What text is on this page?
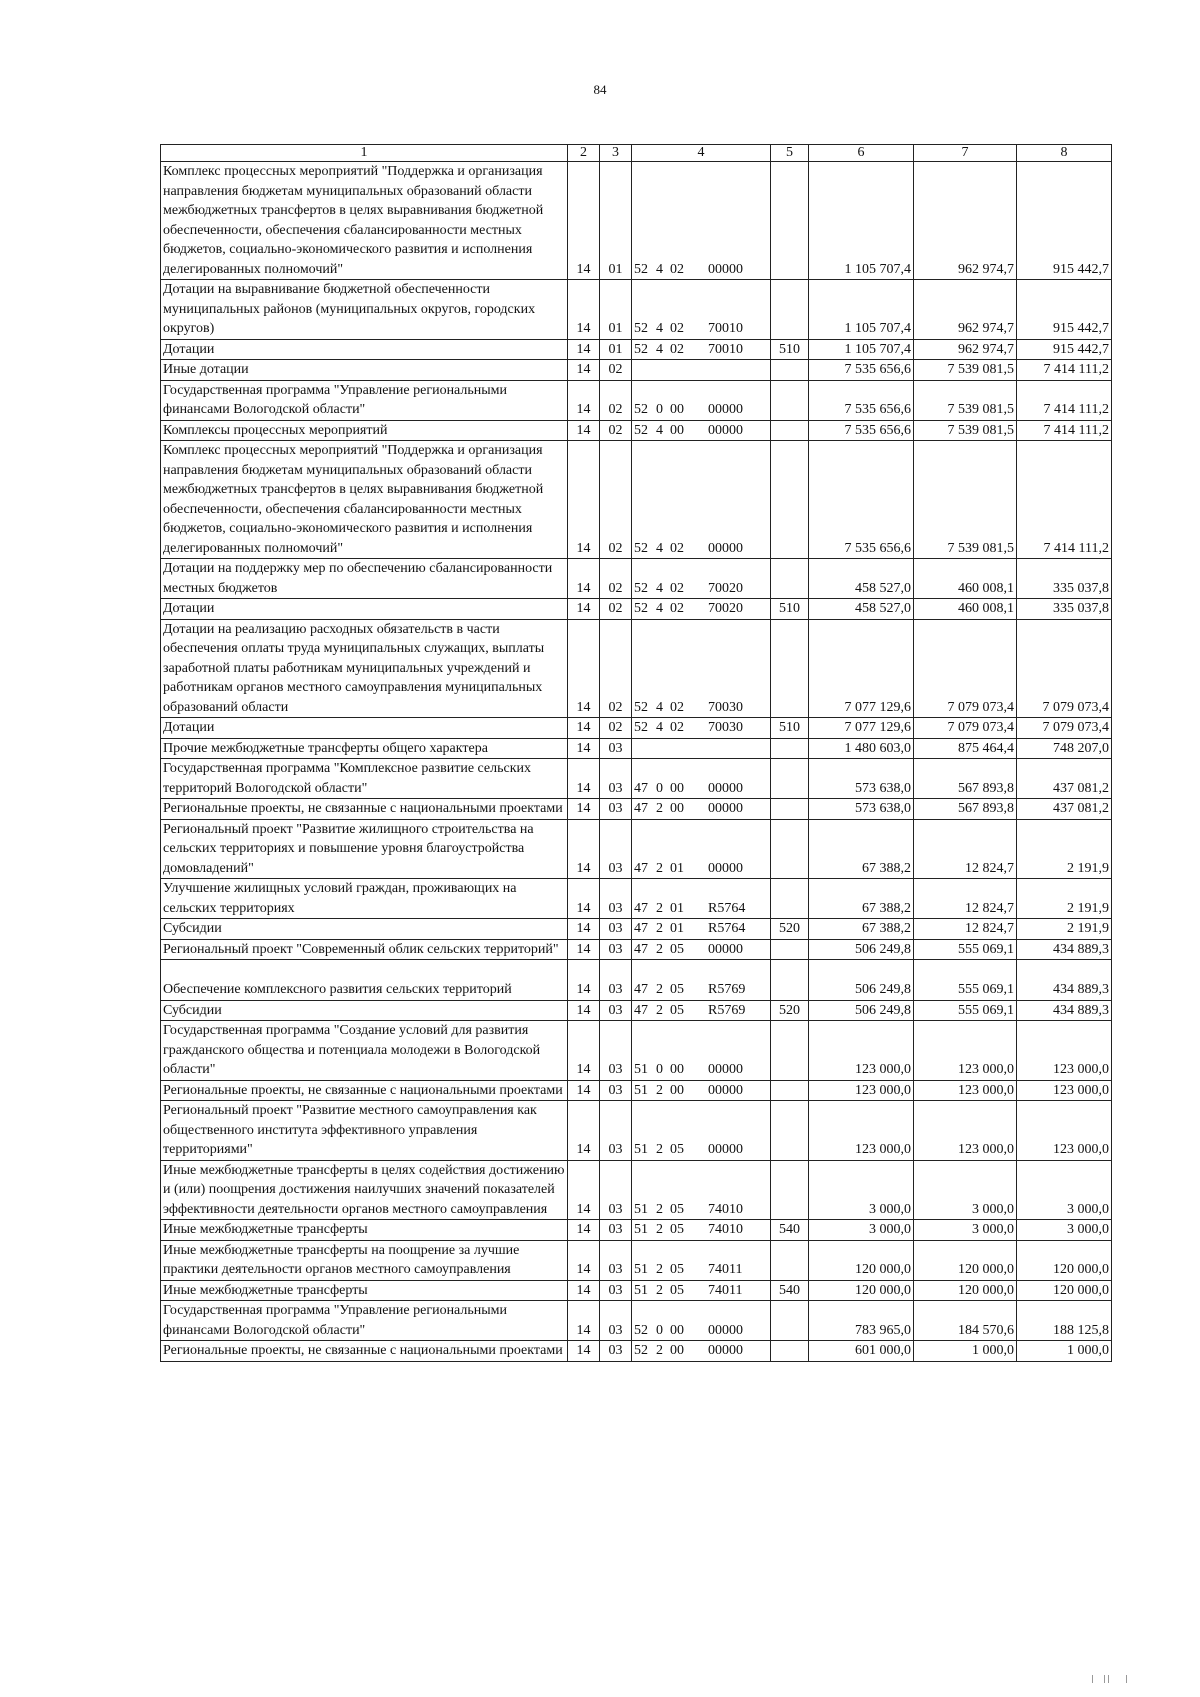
84
1	2	3	4	5	6	7	8
Комплекс процессных мероприятий "Поддержка и организация направления бюджетам муниципальных образований области межбюджетных трансфертов в целях выравнивания бюджетной обеспеченности, обеспечения сбалансированности местных бюджетов, социально-экономического развития и исполнения делегированных полномочий"	14	01	52 4 02 00000		1 105 707,4	962 974,7	915 442,7
Дотации на выравнивание бюджетной обеспеченности муниципальных районов (муниципальных округов, городских округов)	14	01	52 4 02 70010		1 105 707,4	962 974,7	915 442,7
Дотации	14	01	52 4 02 70010	510	1 105 707,4	962 974,7	915 442,7
Иные дотации	14	02			7 535 656,6	7 539 081,5	7 414 111,2
Государственная программа "Управление региональными финансами Вологодской области"	14	02	52 0 00 00000		7 535 656,6	7 539 081,5	7 414 111,2
Комплексы процессных мероприятий	14	02	52 4 00 00000		7 535 656,6	7 539 081,5	7 414 111,2
Комплекс процессных мероприятий "Поддержка и организация направления бюджетам муниципальных образований области межбюджетных трансфертов в целях выравнивания бюджетной обеспеченности, обеспечения сбалансированности местных бюджетов, социально-экономического развития и исполнения делегированных полномочий"	14	02	52 4 02 00000		7 535 656,6	7 539 081,5	7 414 111,2
Дотации на поддержку мер по обеспечению сбалансированности местных бюджетов	14	02	52 4 02 70020		458 527,0	460 008,1	335 037,8
Дотации	14	02	52 4 02 70020	510	458 527,0	460 008,1	335 037,8
Дотации на реализацию расходных обязательств в части обеспечения оплаты труда муниципальных служащих, выплаты заработной платы работникам муниципальных учреждений и работникам органов местного самоуправления муниципальных образований области	14	02	52 4 02 70030		7 077 129,6	7 079 073,4	7 079 073,4
Дотации	14	02	52 4 02 70030	510	7 077 129,6	7 079 073,4	7 079 073,4
Прочие межбюджетные трансферты общего характера	14	03			1 480 603,0	875 464,4	748 207,0
Государственная программа "Комплексное развитие сельских территорий Вологодской области"	14	03	47 0 00 00000		573 638,0	567 893,8	437 081,2
Региональные проекты, не связанные с национальными проектами	14	03	47 2 00 00000		573 638,0	567 893,8	437 081,2
Региональный проект "Развитие жилищного строительства на сельских территориях и повышение уровня благоустройства домовладений"	14	03	47 2 01 00000		67 388,2	12 824,7	2 191,9
Улучшение жилищных условий граждан, проживающих на сельских территориях	14	03	47 2 01 R5764		67 388,2	12 824,7	2 191,9
Субсидии	14	03	47 2 01 R5764	520	67 388,2	12 824,7	2 191,9
Региональный проект "Современный облик сельских территорий"	14	03	47 2 05 00000		506 249,8	555 069,1	434 889,3
Обеспечение комплексного развития сельских территорий	14	03	47 2 05 R5769		506 249,8	555 069,1	434 889,3
Субсидии	14	03	47 2 05 R5769	520	506 249,8	555 069,1	434 889,3
Государственная программа "Создание условий для развития гражданского общества и потенциала молодежи в Вологодской области"	14	03	51 0 00 00000		123 000,0	123 000,0	123 000,0
Региональные проекты, не связанные с национальными проектами	14	03	51 2 00 00000		123 000,0	123 000,0	123 000,0
Региональный проект "Развитие местного самоуправления как общественного института эффективного управления территориями"	14	03	51 2 05 00000		123 000,0	123 000,0	123 000,0
Иные межбюджетные трансферты в целях содействия достижению и (или) поощрения достижения наилучших значений показателей эффективности деятельности органов местного самоуправления	14	03	51 2 05 74010		3 000,0	3 000,0	3 000,0
Иные межбюджетные трансферты	14	03	51 2 05 74010	540	3 000,0	3 000,0	3 000,0
Иные межбюджетные трансферты на поощрение за лучшие практики деятельности органов местного самоуправления	14	03	51 2 05 74011		120 000,0	120 000,0	120 000,0
Иные межбюджетные трансферты	14	03	51 2 05 74011	540	120 000,0	120 000,0	120 000,0
Государственная программа "Управление региональными финансами Вологодской области"	14	03	52 0 00 00000		783 965,0	184 570,6	188 125,8
Региональные проекты, не связанные с национальными проектами	14	03	52 2 00 00000		601 000,0	1 000,0	1 000,0
